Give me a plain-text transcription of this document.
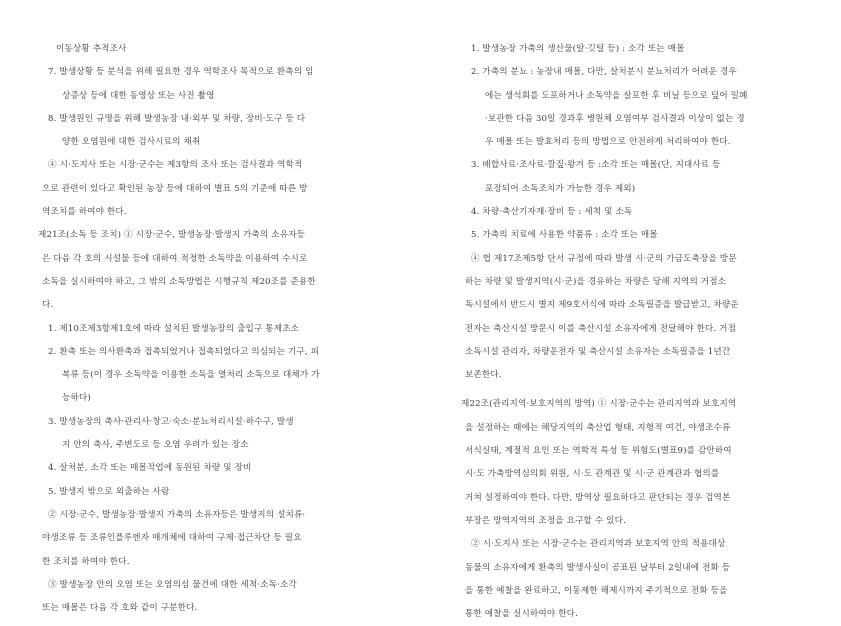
이동상황 추적조사
7. 발생상황 등 분석을 위해 필요한 경우 역학조사 목적으로 환축의 임
상증상 등에 대한 동영상 또는 사진 촬영
8. 발생원인 규명을 위해 발생농장 내·외부 및 차량, 장비·도구 등 다
양한 오염원에 대한 검사시료의 채취
④ 시·도지사 또는 시장·군수는 제3항의 조사 또는 검사결과 역학적
으로 관련이 있다고 확인된 농장 등에 대하여 별표 5의 기준에 따른 방
역조치를 하여야 한다.
제21조(소독 등 조치) ① 시장·군수, 발생농장·발생지 가축의 소유자등
은 다음 각 호의 시설물 등에 대하여 적정한 소독약을 이용하여 수시로
소독을 실시하여야 하고, 그 밖의 소독방법은 시행규칙 제20조를 준용한
다.
1. 제10조제3항제1호에 따라 설치된 발생농장의 출입구 통제초소
2. 환축 또는 의사환축과 접촉되었거나 접촉되었다고 의심되는 기구, 피
복류 등(이 경우 소독약을 이용한 소독을 열처리 소독으로 대체가 가
능하다)
3. 발생농장의 축사·관리사·창고·숙소·분뇨처리시설·하수구, 발생
지 안의 축사, 주변도로 등 오염 우려가 있는 장소
4. 살처분, 소각 또는 매몰작업에 동원된 차량 및 장비
5. 발생지 밖으로 외출하는 사람
② 시장·군수, 발생농장·발생지 가축의 소유자등은 발생지의 설치류·
야생조류 등 조류인플루엔자 매개체에 대하여 구제·접근차단 등 필요
한 조치를 하여야 한다.
③ 발생농장 안의 오염 또는 오염의심 물건에 대한 세척·소독·소각
또는 매몰은 다음 각 호와 같이 구분한다.
1. 발생농장 가축의 생산물(알·깃털 등) : 소각 또는 매몰
2. 가축의 분뇨 : 농장내 매몰, 다만, 살처분시 분뇨처리가 어려운 경우
에는 생석회를 도포하거나 소독약을 살포한 후 비닐 등으로 덮어 밀폐
·보관한 다음 30일 경과후 병원체 오염여부 검사결과 이상이 없는 경
우 매몰 또는 발효처리 등의 방법으로 안전하게 처리하여야 한다.
3. 배합사료·조사료·깔짚·왕겨 등 :소각 또는 매몰(단, 지대사료 등
포장되어 소독조치가 가능한 경우 제외)
4. 차량·축산기자재·장비 등 : 세척 및 소독
5. 가축의 치료에 사용한 약품류 : 소각 또는 매몰
④ 법 제17조제5항 단서 규정에 따라 발생 시·군의 가금도축장을 방문
하는 차량 및 발생지역(시·군)을 경유하는 차량은 당해 지역의 거점소
독시설에서 반드시 별지 제9호서식에 따라 소독필증을 발급받고, 차량운
전자는 축산시설 방문시 이를 축산시설 소유자에게 전달해야 한다. 거점
소독시설 관리자, 차량운전자 및 축산시설 소유자는 소독필증을 1년간
보존한다.
제22조(관리지역·보호지역의 방역) ① 시장·군수는 관리지역과 보호지역
을 설정하는 때에는 해당지역의 축산업 형태, 지형적 여건, 야생조수류
서식실태, 계절적 요인 또는 역학적 특성 등 위험도(별표9)를 감안하여
시·도 가축방역심의회 위원, 시·도 관계관 및 시·군 관계관과 협의를
거쳐 설정하여야 한다. 다만, 방역상 필요하다고 판단되는 경우 검역본
부장은 방역지역의 조정을 요구할 수 있다.
② 시·도지사 또는 시장·군수는 관리지역과 보호지역 안의 적용대상
동물의 소유자에게 환축의 발생사실이 공표된 날부터 2일내에 전화 등
을 통한 예찰을 완료하고, 이동제한 해제시까지 주기적으로 전화 등을
통한 예찰을 실시하여야 한다.
